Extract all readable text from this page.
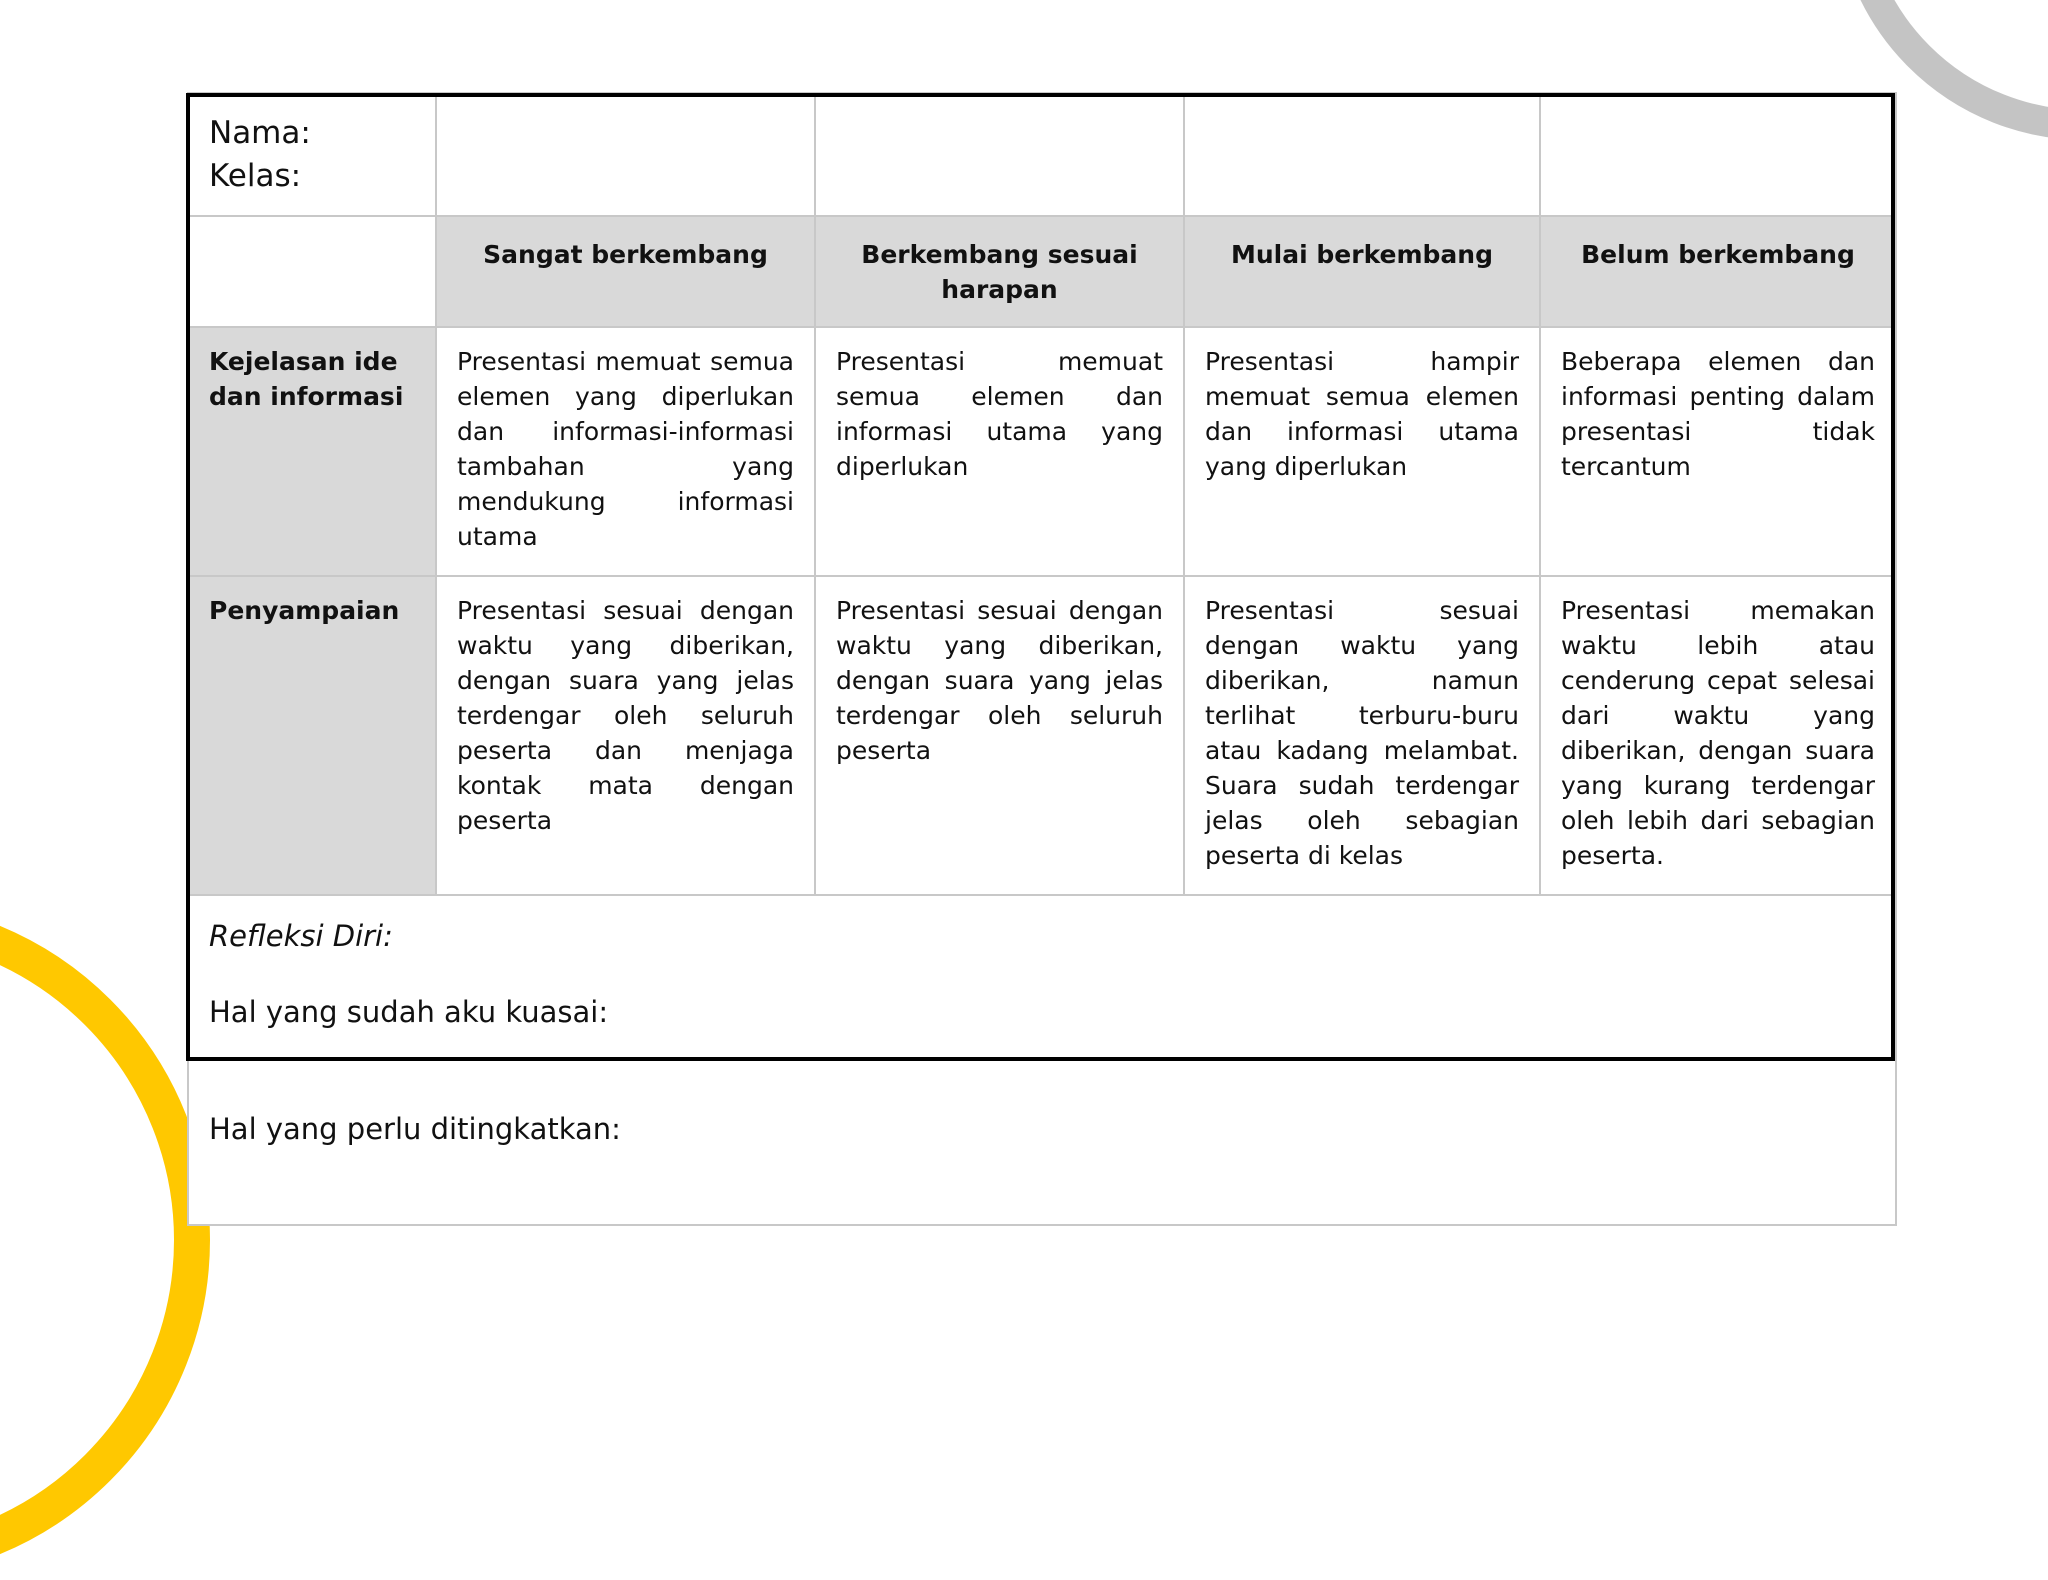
Nama:
Kelas:				

	Sangat berkembang	Berkembang sesuai harapan	Mulai berkembang	Belum berkembang
Kejelasan ide dan informasi	Presentasi memuat semua elemen yang diperlukan dan informasi-informasi tambahan yang mendukung informasi utama	Presentasi memuat semua elemen dan informasi utama yang diperlukan	Presentasi hampir memuat semua elemen dan informasi utama yang diperlukan	Beberapa elemen dan informasi penting dalam presentasi tidak tercantum
Penyampaian	Presentasi sesuai dengan waktu yang diberikan, dengan suara yang jelas terdengar oleh seluruh peserta dan menjaga kontak mata dengan peserta	Presentasi sesuai dengan waktu yang diberikan, dengan suara yang jelas terdengar oleh seluruh peserta	Presentasi sesuai dengan waktu yang diberikan, namun terlihat terburu-buru atau kadang melambat. Suara sudah terdengar jelas oleh sebagian peserta di kelas	Presentasi memakan waktu lebih atau cenderung cepat selesai dari waktu yang diberikan, dengan suara yang kurang terdengar oleh lebih dari sebagian peserta.

Refleksi Diri:

Hal yang sudah aku kuasai:

Hal yang perlu ditingkatkan:				
